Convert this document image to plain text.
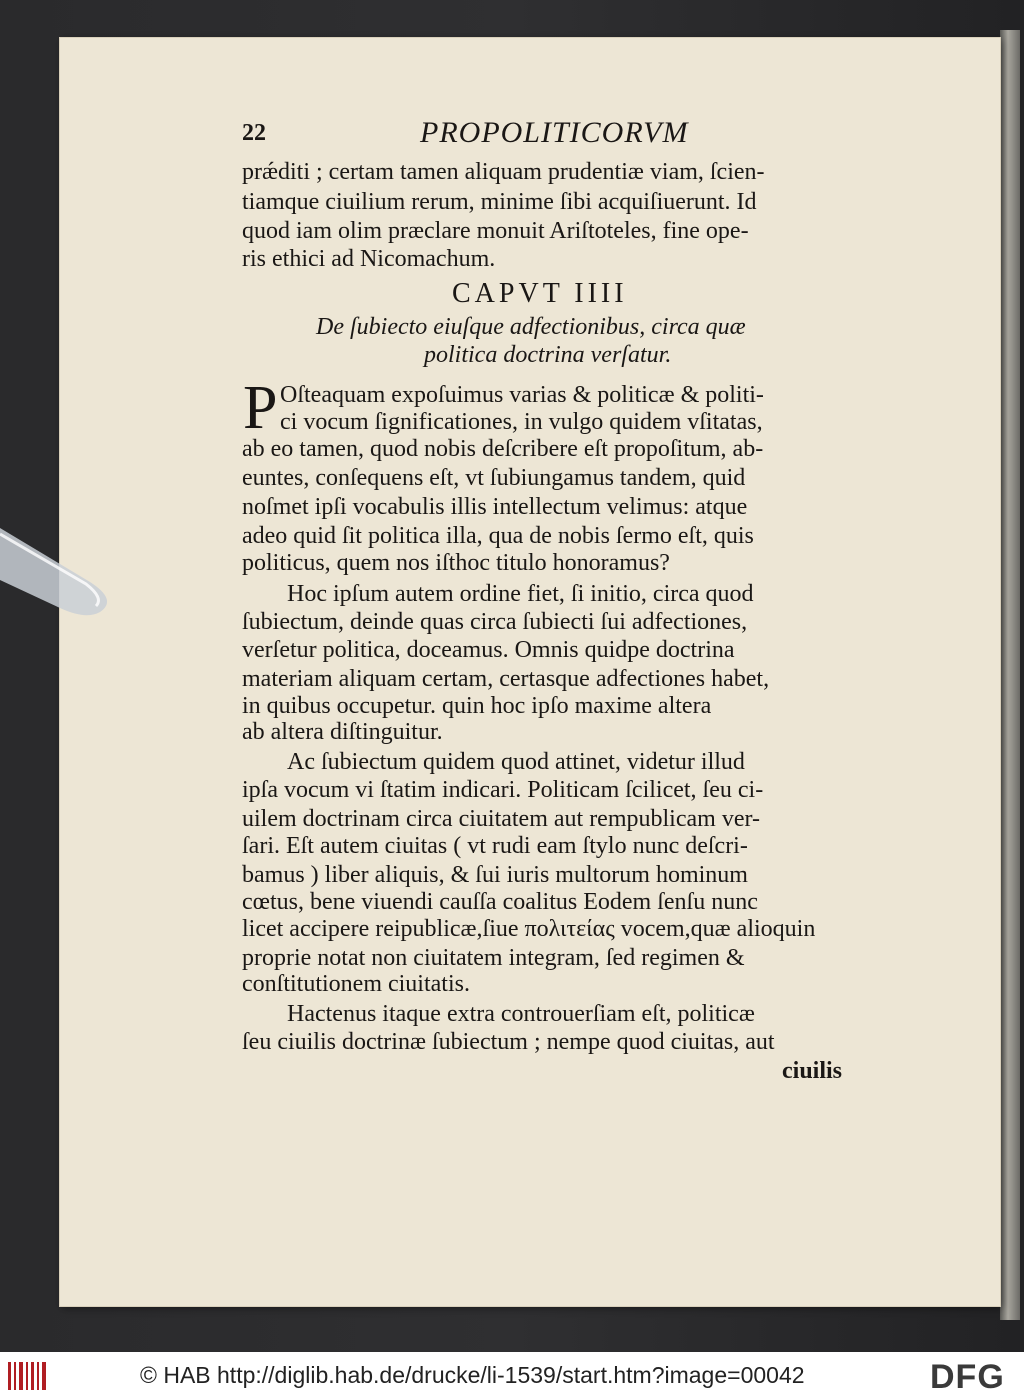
22	PROPOLITICORVM
prǽditi ; certam tamen aliquam prudentiæ viam, ſcien-
tiamque ciuilium rerum, minime ſibi acquiſiuerunt. Id
quod iam olim præclare monuit Ariſtoteles, fine ope-
ris ethici ad Nicomachum.
CAPVT IIII
De ſubiecto eiuſque adfectionibus, circa quæ
politica doctrina verſatur.
P Oſteaquam expoſuimus varias & politicæ & politi-
ci vocum ſignificationes, in vulgo quidem vſitatas,
ab eo tamen, quod nobis deſcribere eſt propoſitum, ab-
euntes, conſequens eſt, vt ſubiungamus tandem, quid
noſmet ipſi vocabulis illis intellectum velimus: atque
adeo quid ſit politica illa, qua de nobis ſermo eſt, quis
politicus, quem nos iſthoc titulo honoramus?
Hoc ipſum autem ordine fiet, ſi initio, circa quod
ſubiectum, deinde quas circa ſubiecti ſui adfectiones,
verſetur politica, doceamus. Omnis quidpe doctrina
materiam aliquam certam, certasque adfectiones habet,
in quibus occupetur. quin hoc ipſo maxime altera
ab altera diſtinguitur.
Ac ſubiectum quidem quod attinet, videtur illud
ipſa vocum vi ſtatim indicari. Politicam ſcilicet, ſeu ci-
uilem doctrinam circa ciuitatem aut rempublicam ver-
ſari. Eſt autem ciuitas ( vt rudi eam ſtylo nunc deſcri-
bamus ) liber aliquis, & ſui iuris multorum hominum
cœtus, bene viuendi cauſſa coalitus Eodem ſenſu nunc
licet accipere reipublicæ,ſiue πολιτείας vocem,quæ alioquin
proprie notat non ciuitatem integram, ſed regimen &
conſtitutionem ciuitatis.
Hactenus itaque extra controuerſiam eſt, politicæ
ſeu ciuilis doctrinæ ſubiectum ; nempe quod ciuitas, aut
ciuilis
© HAB http://diglib.hab.de/drucke/li-1539/start.htm?image=00042	DFG
